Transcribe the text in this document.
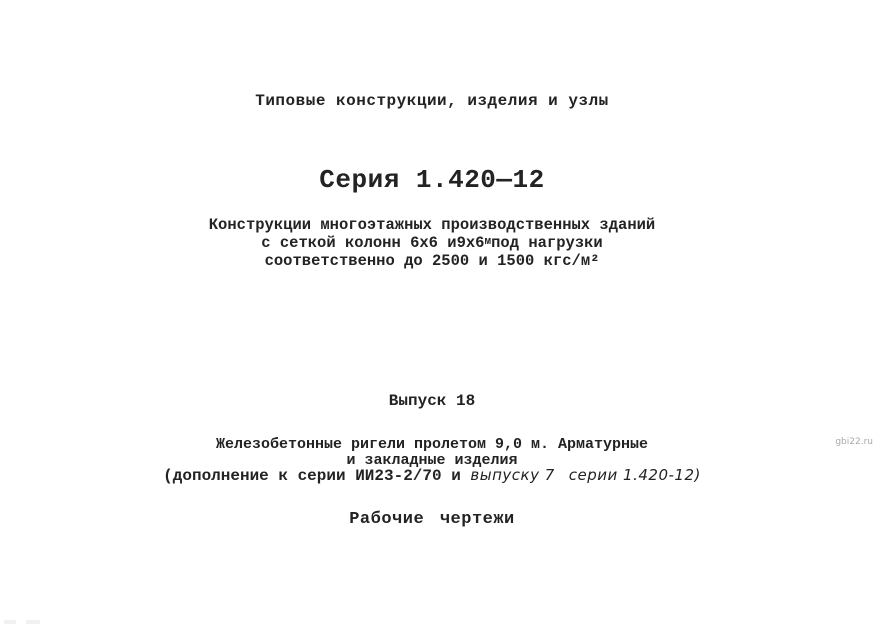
Типовые конструкции, изделия и узлы
Серия 1.420—12
Конструкции многоэтажных производственных зданий
с сеткой колонн 6х6 и9х6мпод нагрузки
соответственно до 2500 и 1500 кгс/м²
Выпуск 18
Железобетонные ригели пролетом 9,0 м. Арматурные
и закладные изделия
(дополнение к серии ИИ23-2/70 и выпуску 7 серии 1.420-12)
Рабочие чертежи
gbi22.ru
